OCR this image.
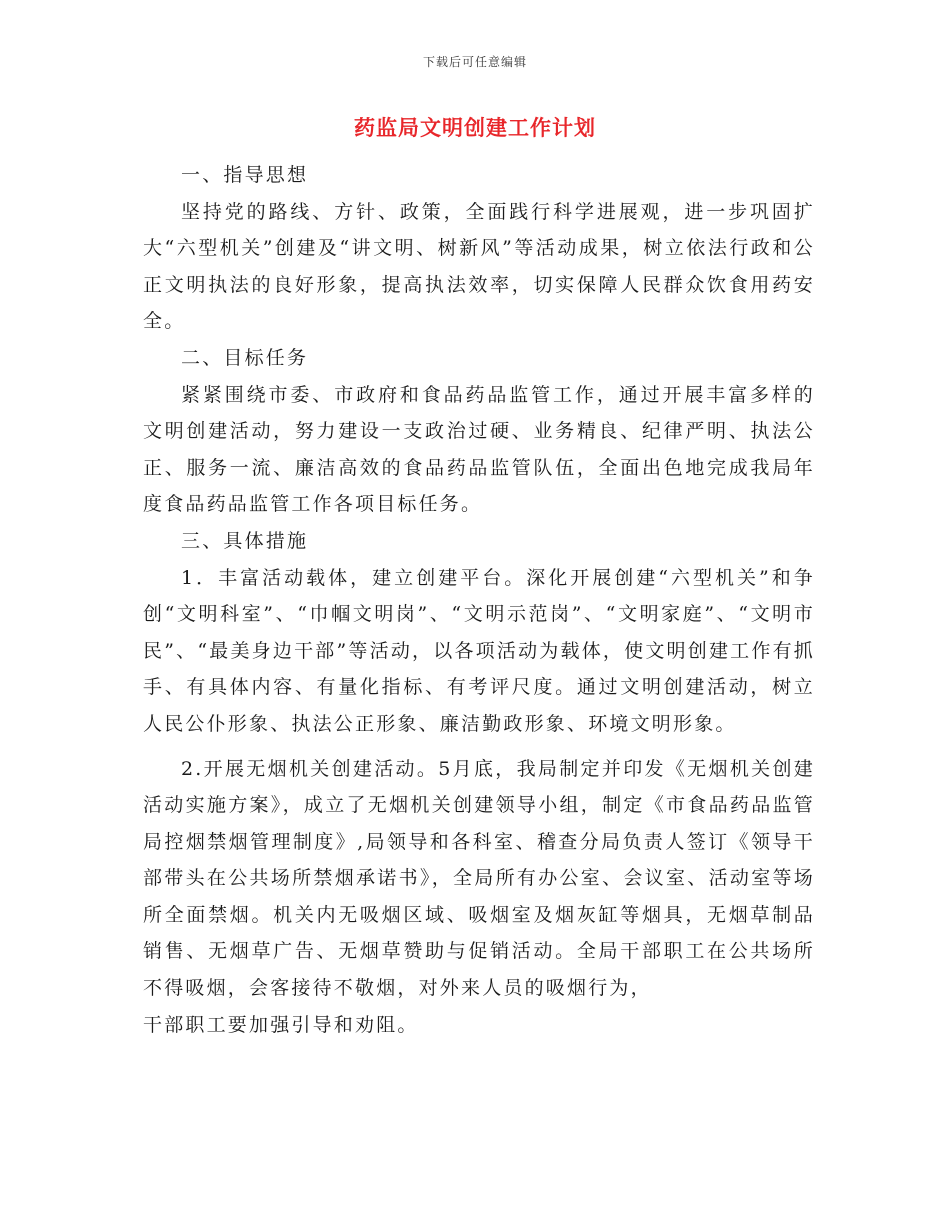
下载后可任意编辑
药监局文明创建工作计划

一、指导思想

坚持党的路线、方针、政策，全面践行科学进展观，进一步巩固扩大“六型机关”创建及“讲文明、树新风”等活动成果，树立依法行政和公正文明执法的良好形象，提高执法效率，切实保障人民群众饮食用药安全。

二、目标任务

紧紧围绕市委、市政府和食品药品监管工作，通过开展丰富多样的文明创建活动，努力建设一支政治过硬、业务精良、纪律严明、执法公正、服务一流、廉洁高效的食品药品监管队伍，全面出色地完成我局年度食品药品监管工作各项目标任务。

三、具体措施

1．丰富活动载体，建立创建平台。深化开展创建“六型机关”和争创“文明科室”、“巾帼文明岗”、“文明示范岗”、“文明家庭”、“文明市民”、“最美身边干部”等活动，以各项活动为载体，使文明创建工作有抓手、有具体内容、有量化指标、有考评尺度。通过文明创建活动，树立人民公仆形象、执法公正形象、廉洁勤政形象、环境文明形象。

2.开展无烟机关创建活动。5月底，我局制定并印发《无烟机关创建活动实施方案》，成立了无烟机关创建领导小组，制定《市食品药品监管局控烟禁烟管理制度》,局领导和各科室、稽查分局负责人签订《领导干部带头在公共场所禁烟承诺书》，全局所有办公室、会议室、活动室等场所全面禁烟。机关内无吸烟区域、吸烟室及烟灰缸等烟具，无烟草制品销售、无烟草广告、无烟草赞助与促销活动。全局干部职工在公共场所不得吸烟，会客接待不敬烟，对外来人员的吸烟行为，

干部职工要加强引导和劝阻。
